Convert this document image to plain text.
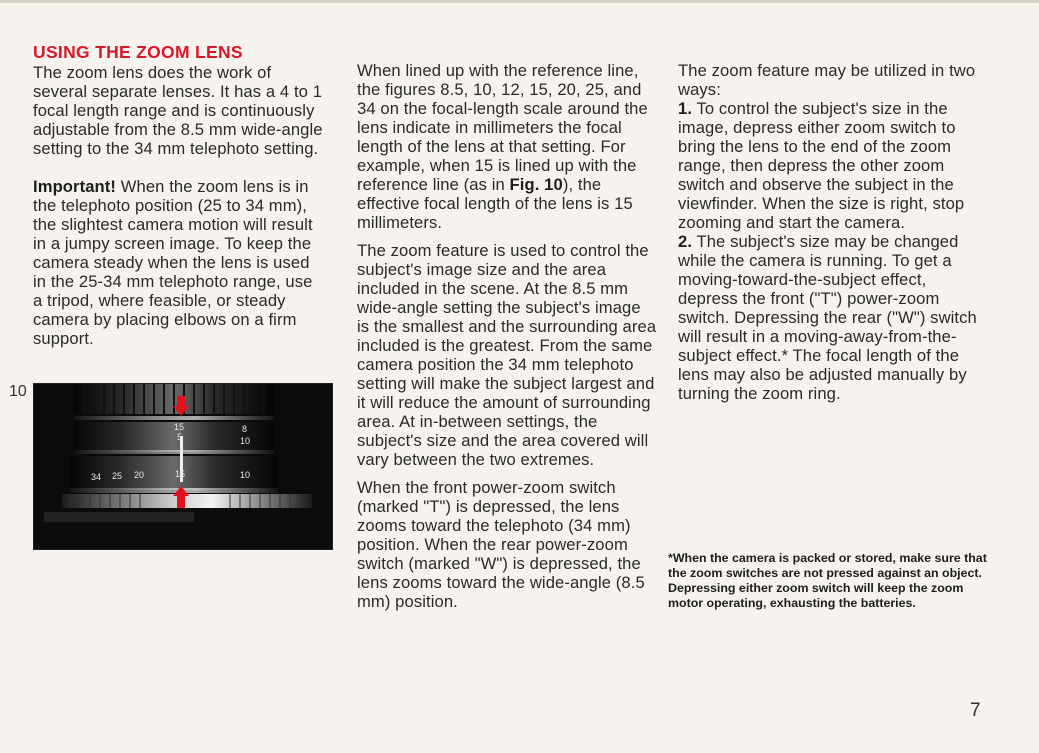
USING THE ZOOM LENS

The zoom lens does the work of several separate lenses. It has a 4 to 1 focal length range and is continuously adjustable from the 8.5 mm wide-angle setting to the 34 mm telephoto setting.

Important! When the zoom lens is in the telephoto position (25 to 34 mm), the slightest camera motion will result in a jumpy screen image. To keep the camera steady when the lens is used in the 25-34 mm telephoto range, use a tripod, where feasible, or steady camera by placing elbows on a firm support.

10
15
5
8
10
34 25 20	15	10

When lined up with the reference line, the figures 8.5, 10, 12, 15, 20, 25, and 34 on the focal-length scale around the lens indicate in millimeters the focal length of the lens at that setting. For example, when 15 is lined up with the reference line (as in Fig. 10), the effective focal length of the lens is 15 millimeters.

The zoom feature is used to control the subject's image size and the area included in the scene. At the 8.5 mm wide-angle setting the subject's image is the smallest and the surrounding area included is the greatest. From the same camera position the 34 mm telephoto setting will make the subject largest and it will reduce the amount of surrounding area. At in-between settings, the subject's size and the area covered will vary between the two extremes.

When the front power-zoom switch (marked "T") is depressed, the lens zooms toward the telephoto (34 mm) position. When the rear power-zoom switch (marked "W") is depressed, the lens zooms toward the wide-angle (8.5 mm) position.

The zoom feature may be utilized in two ways:

1. To control the subject's size in the image, depress either zoom switch to bring the lens to the end of the zoom range, then depress the other zoom switch and observe the subject in the viewfinder. When the size is right, stop zooming and start the camera.

2. The subject's size may be changed while the camera is running. To get a moving-toward-the-subject effect, depress the front ("T") power-zoom switch. Depressing the rear ("W") switch will result in a moving-away-from-the-subject effect.* The focal length of the lens may also be adjusted manually by turning the zoom ring.

*When the camera is packed or stored, make sure that the zoom switches are not pressed against an object. Depressing either zoom switch will keep the zoom motor operating, exhausting the batteries.
7
